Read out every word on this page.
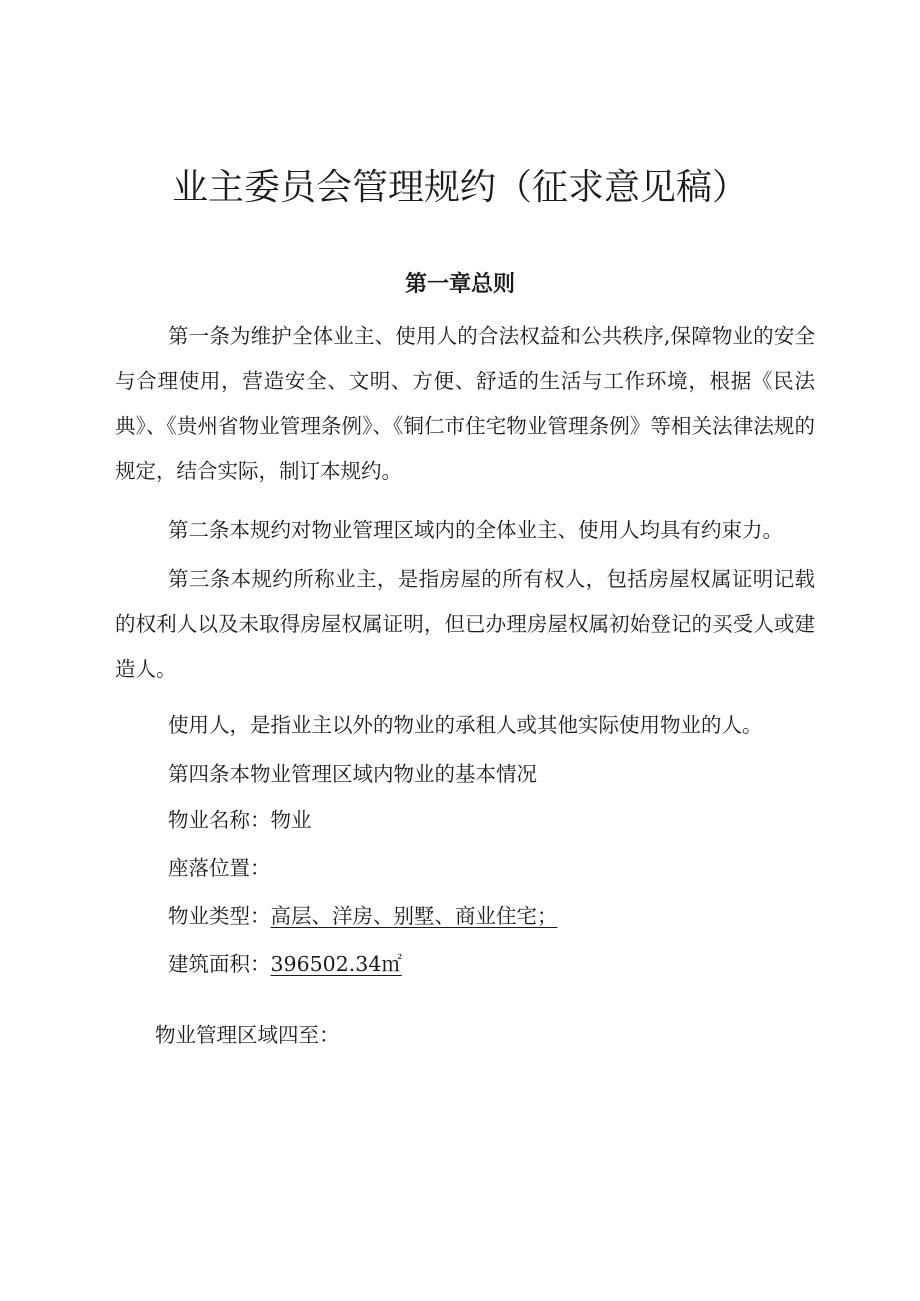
业主委员会管理规约（征求意见稿）
第一章总则

第一条为维护全体业主、使用人的合法权益和公共秩序,保障物业的安全与合理使用，营造安全、文明、方便、舒适的生活与工作环境，根据《民法典》、《贵州省物业管理条例》、《铜仁市住宅物业管理条例》等相关法律法规的规定，结合实际，制订本规约。

第二条本规约对物业管理区域内的全体业主、使用人均具有约束力。

第三条本规约所称业主，是指房屋的所有权人，包括房屋权属证明记载的权利人以及未取得房屋权属证明，但已办理房屋权属初始登记的买受人或建造人。

使用人，是指业主以外的物业的承租人或其他实际使用物业的人。

第四条本物业管理区域内物业的基本情况

物业名称：物业

座落位置：

物业类型：高层、洋房、别墅、商业住宅；

建筑面积：396502.34㎡

物业管理区域四至：
